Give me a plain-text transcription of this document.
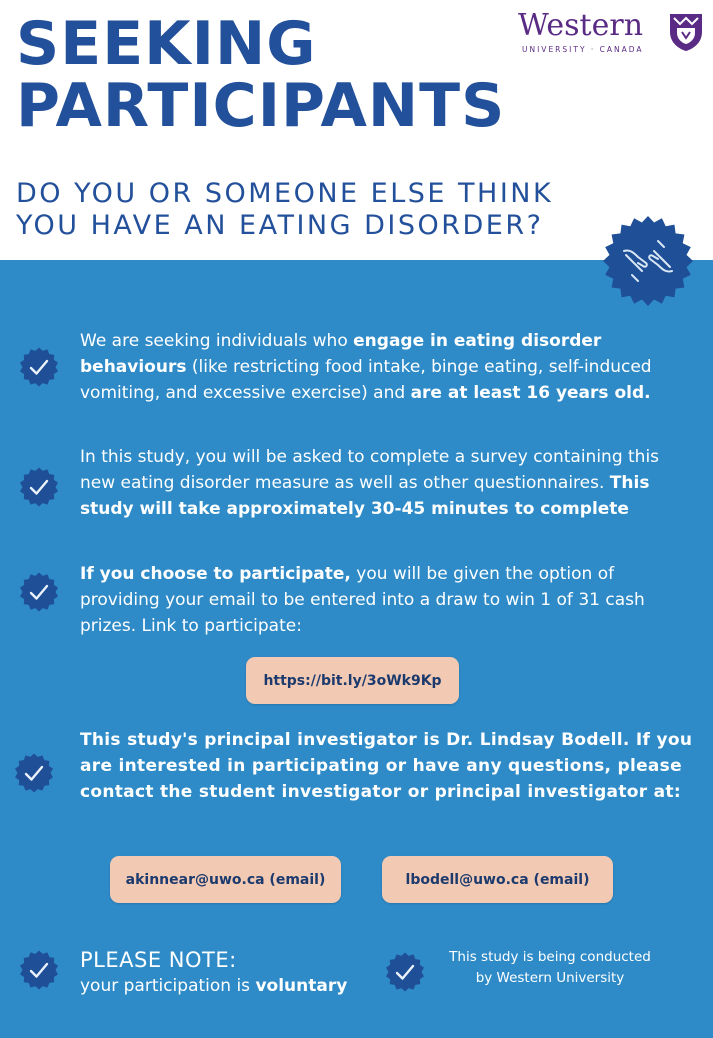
SEEKING
PARTICIPANTS

DO YOU OR SOMEONE ELSE THINK
YOU HAVE AN EATING DISORDER?

Western
UNIVERSITY · CANADA

We are seeking individuals who engage in eating disorder behaviours (like restricting food intake, binge eating, self-induced vomiting, and excessive exercise) and are at least 16 years old.

In this study, you will be asked to complete a survey containing this new eating disorder measure as well as other questionnaires. This study will take approximately 30-45 minutes to complete

If you choose to participate, you will be given the option of providing your email to be entered into a draw to win 1 of 31 cash prizes. Link to participate:

https://bit.ly/3oWk9Kp

This study's principal investigator is Dr. Lindsay Bodell. If you are interested in participating or have any questions, please contact the student investigator or principal investigator at:

akinnear@uwo.ca (email)	lbodell@uwo.ca (email)
PLEASE NOTE:
your participation is voluntary
This study is being conducted
by Western University
